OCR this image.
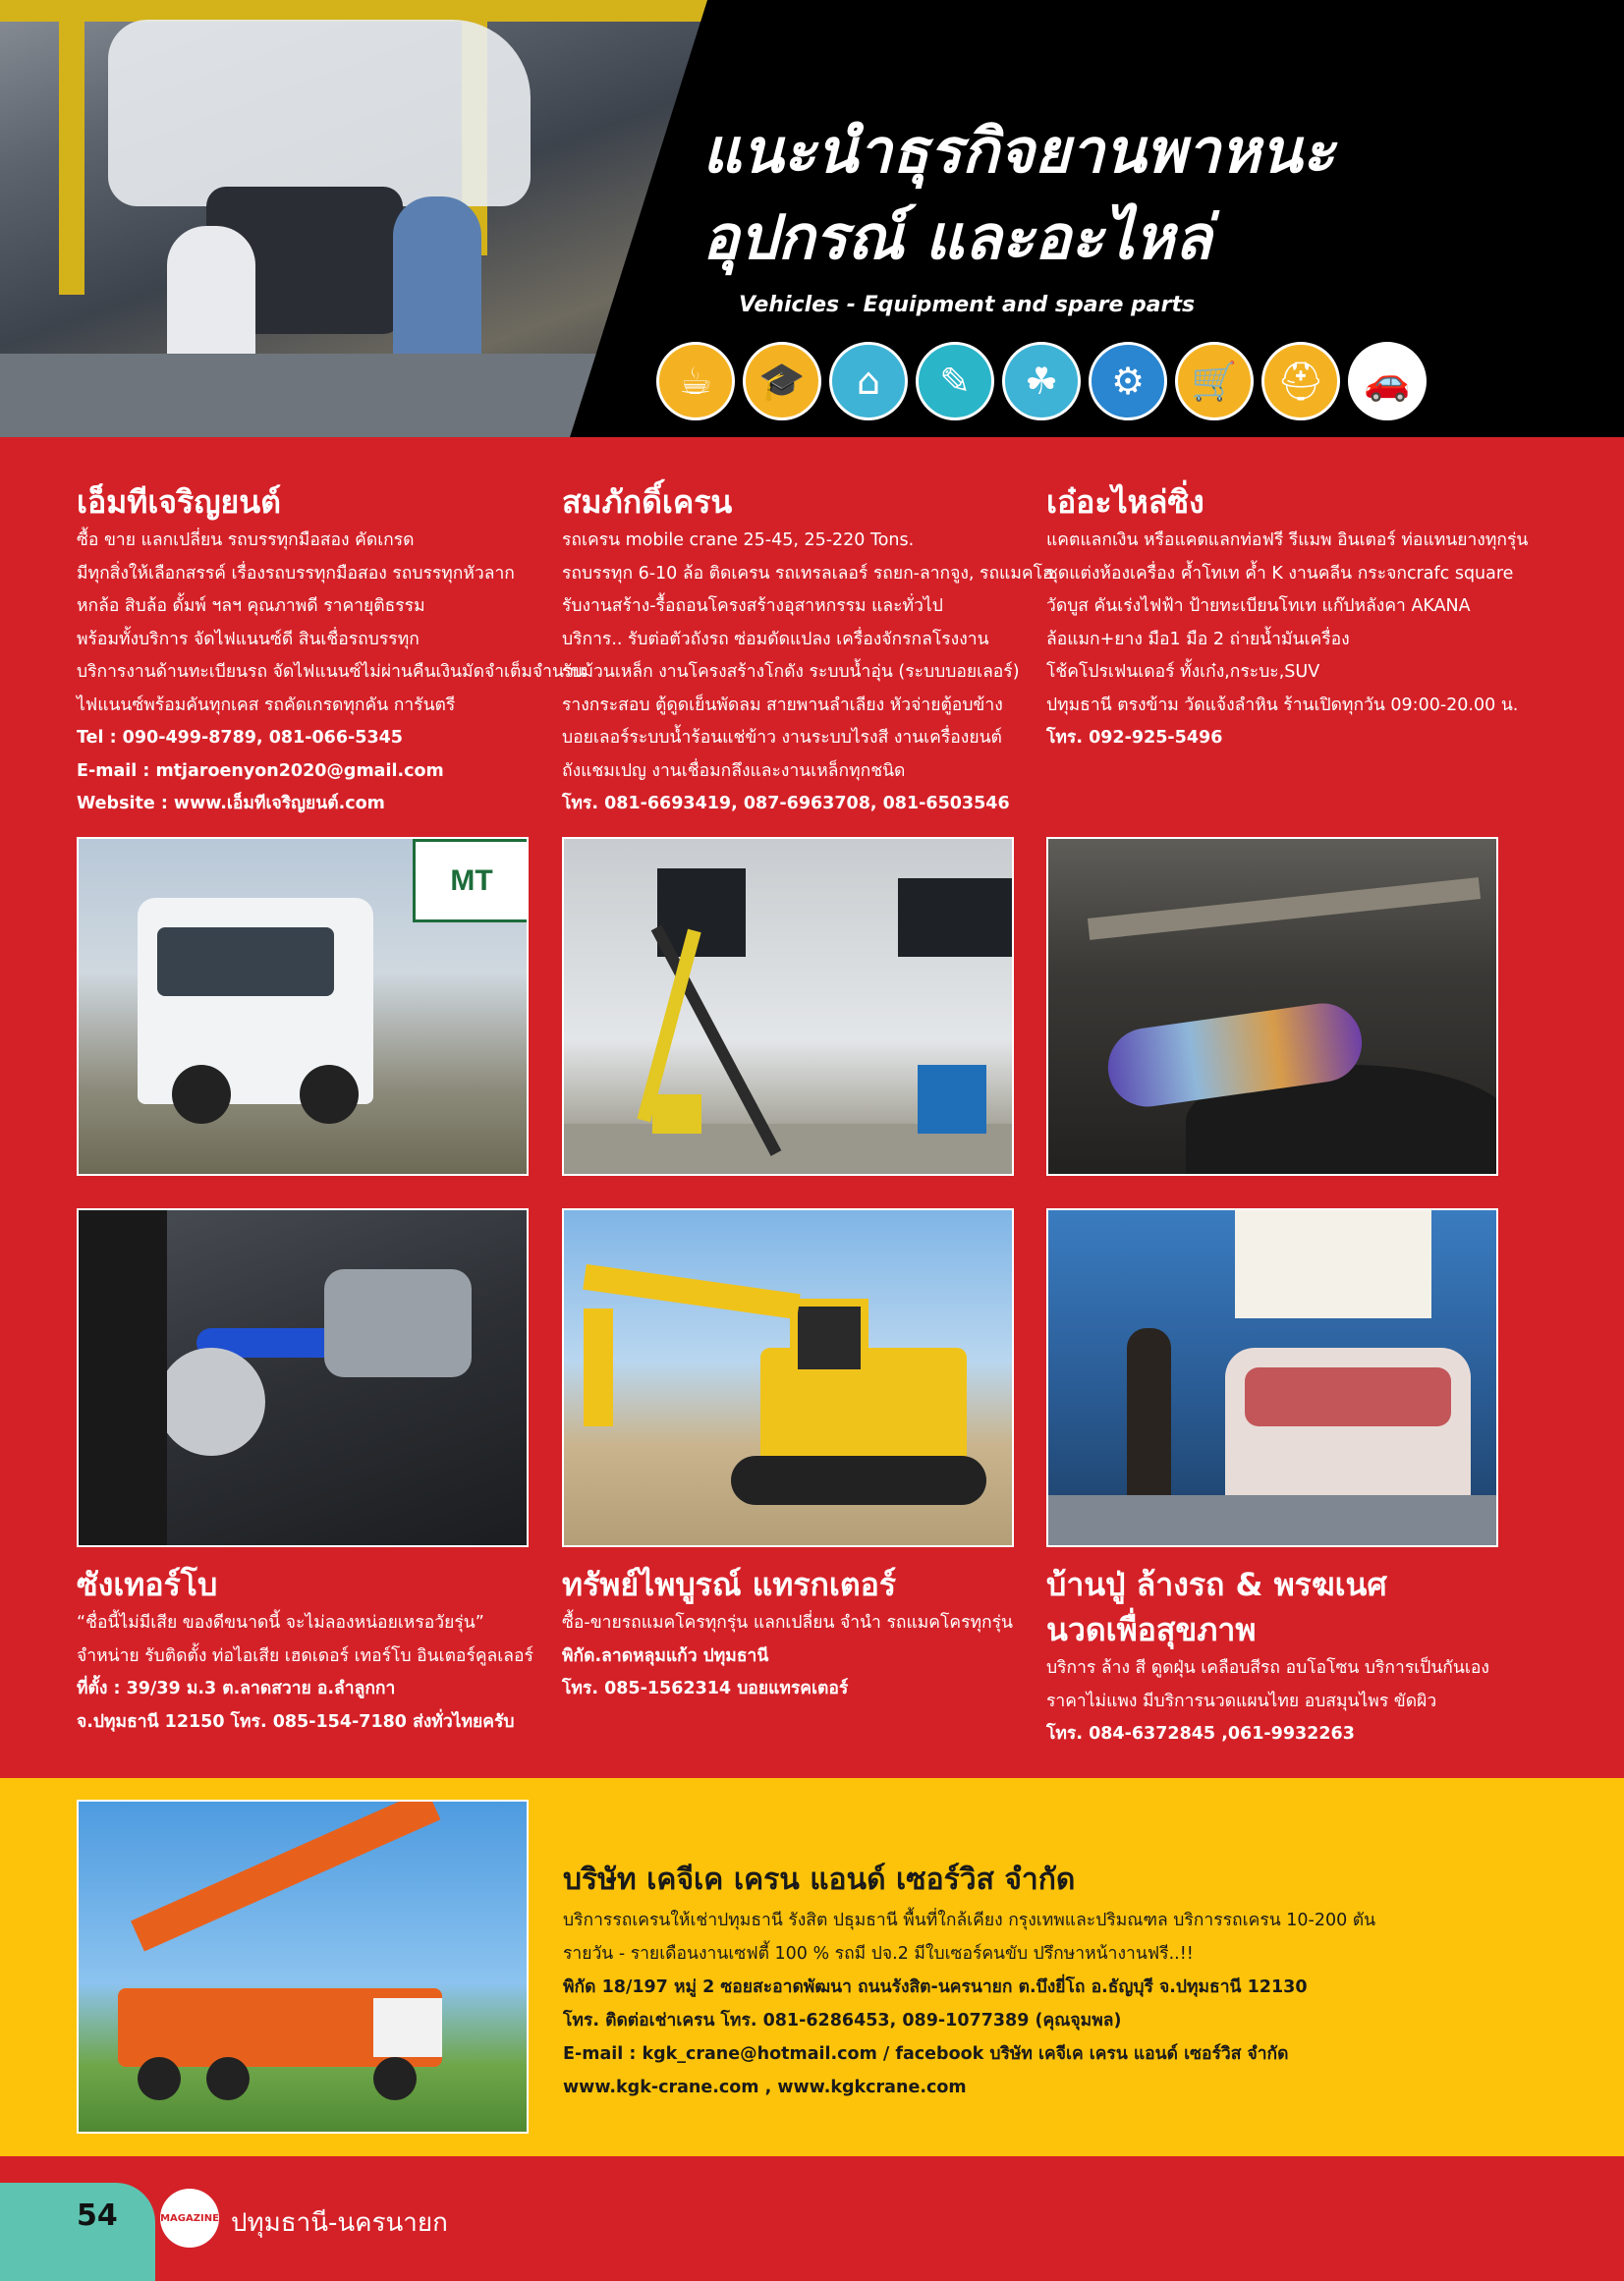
แนะนำธุรกิจยานพาหนะ
อุปกรณ์ และอะไหล่
Vehicles - Equipment and spare parts
☕	🎓	⌂	✎	☘	⚙	🛒	⛑	🚗
เอ็มทีเจริญยนต์
ซื้อ ขาย แลกเปลี่ยน รถบรรทุกมือสอง คัดเกรด
มีทุกสิ่งให้เลือกสรรค์ เรื่องรถบรรทุกมือสอง รถบรรทุกหัวลาก
หกล้อ สิบล้อ ดั้มพ์ ฯลฯ คุณภาพดี ราคายุติธรรม
พร้อมทั้งบริการ จัดไฟแนนซ์ดี สินเชื่อรถบรรทุก
บริการงานด้านทะเบียนรถ จัดไฟแนนซ์ไม่ผ่านคืนเงินมัดจำเต็มจำนวน
ไฟแนนซ์พร้อมคันทุกเคส รถคัดเกรดทุกคัน การันตรี
Tel : 090-499-8789, 081-066-5345
E-mail : mtjaroenyon2020@gmail.com
Website : www.เอ็มทีเจริญยนต์.com
สมภักดิ์เครน
รถเครน mobile crane 25-45, 25-220 Tons.
รถบรรทุก 6-10 ล้อ ติดเครน รถเทรลเลอร์ รถยก-ลากจูง, รถแมคโฮ
รับงานสร้าง-รื้อถอนโครงสร้างอุสาหกรรม และทั่วไป
บริการ.. รับต่อตัวถังรถ ซ่อมดัดแปลง เครื่องจักรกลโรงงาน
รับม้วนเหล็ก งานโครงสร้างโกดัง ระบบน้ำอุ่น (ระบบบอยเลอร์)
รางกระสอบ ตู้ดูดเย็นพัดลม สายพานลำเลียง หัวจ่ายตู้อบข้าง
บอยเลอร์ระบบน้ำร้อนแช่ข้าว งานระบบไรงสี งานเครื่องยนต์
ถังแชมเปญ งานเชื่อมกลึงและงานเหล็กทุกชนิด
โทร. 081-6693419, 087-6963708, 081-6503546
เอ๋อะไหล่ซิ่ง
แคตแลกเงิน หรือแคตแลกท่อฟรี รีแมพ อินเตอร์ ท่อแทนยางทุกรุ่น
ชุดแต่งห้องเครื่อง ค้ำโทเท ค้ำ K งานคลีน กระจกcrafc square
วัดบูส คันเร่งไฟฟ้า ป้ายทะเบียนโทเท แก๊ปหลังคา AKANA
ล้อแมก+ยาง มือ1 มือ 2 ถ่ายน้ำมันเครื่อง
โช้คโปรเฟนเดอร์ ทั้งเก๋ง,กระบะ,SUV
ปทุมธานี ตรงข้าม วัดแจ้งลำหิน ร้านเปิดทุกวัน 09:00-20.00 น.
โทร. 092-925-5496
MT
ซังเทอร์โบ
“ชื่อนี้ไม่มีเสีย ของดีขนาดนี้ จะไม่ลองหน่อยเหรอวัยรุ่น”
จำหน่าย รับติดตั้ง ท่อไอเสีย เฮดเดอร์ เทอร์โบ อินเตอร์คูลเลอร์
ที่ตั้ง : 39/39 ม.3 ต.ลาดสวาย อ.ลำลูกกา
จ.ปทุมธานี 12150 โทร. 085-154-7180 ส่งทั่วไทยครับ
ทรัพย์ไพบูรณ์ แทรกเตอร์
ซื้อ-ขายรถแมคโครทุกรุ่น แลกเปลี่ยน จำนำ รถแมคโครทุกรุ่น
พิกัด.ลาดหลุมแก้ว ปทุมธานี
โทร. 085-1562314 บอยแทรคเตอร์
บ้านปู่ ล้างรถ & พรฆเนศ
นวดเพื่อสุขภาพ
บริการ ล้าง สี ดูดฝุ่น เคลือบสีรถ อบโอโซน บริการเป็นกันเอง
ราคาไม่แพง มีบริการนวดแผนไทย อบสมุนไพร ขัดผิว
โทร. 084-6372845 ,061-9932263
บริษัท เคจีเค เครน แอนด์ เซอร์วิส จำกัด
บริการรถเครนให้เช่าปทุมธานี รังสิต ปธุมธานี พื้นที่ใกล้เคียง กรุงเทพและปริมณฑล บริการรถเครน 10-200 ตัน
รายวัน - รายเดือนงานเซฟตี้ 100 % รถมี ปจ.2 มีใบเซอร์คนขับ ปรึกษาหน้างานฟรี..!!
พิกัด 18/197 หมู่ 2 ซอยสะอาดพัฒนา ถนนรังสิต-นครนายก ต.บึงยี่โถ อ.ธัญบุรี จ.ปทุมธานี 12130
โทร. ติดต่อเช่าเครน โทร. 081-6286453, 089-1077389 (คุณจุมพล)
E-mail : kgk_crane@hotmail.com / facebook บริษัท เคจีเค เครน แอนด์ เซอร์วิส จำกัด
www.kgk-crane.com , www.kgkcrane.com
54	MAGAZINE ปทุมธานี-นครนายก
